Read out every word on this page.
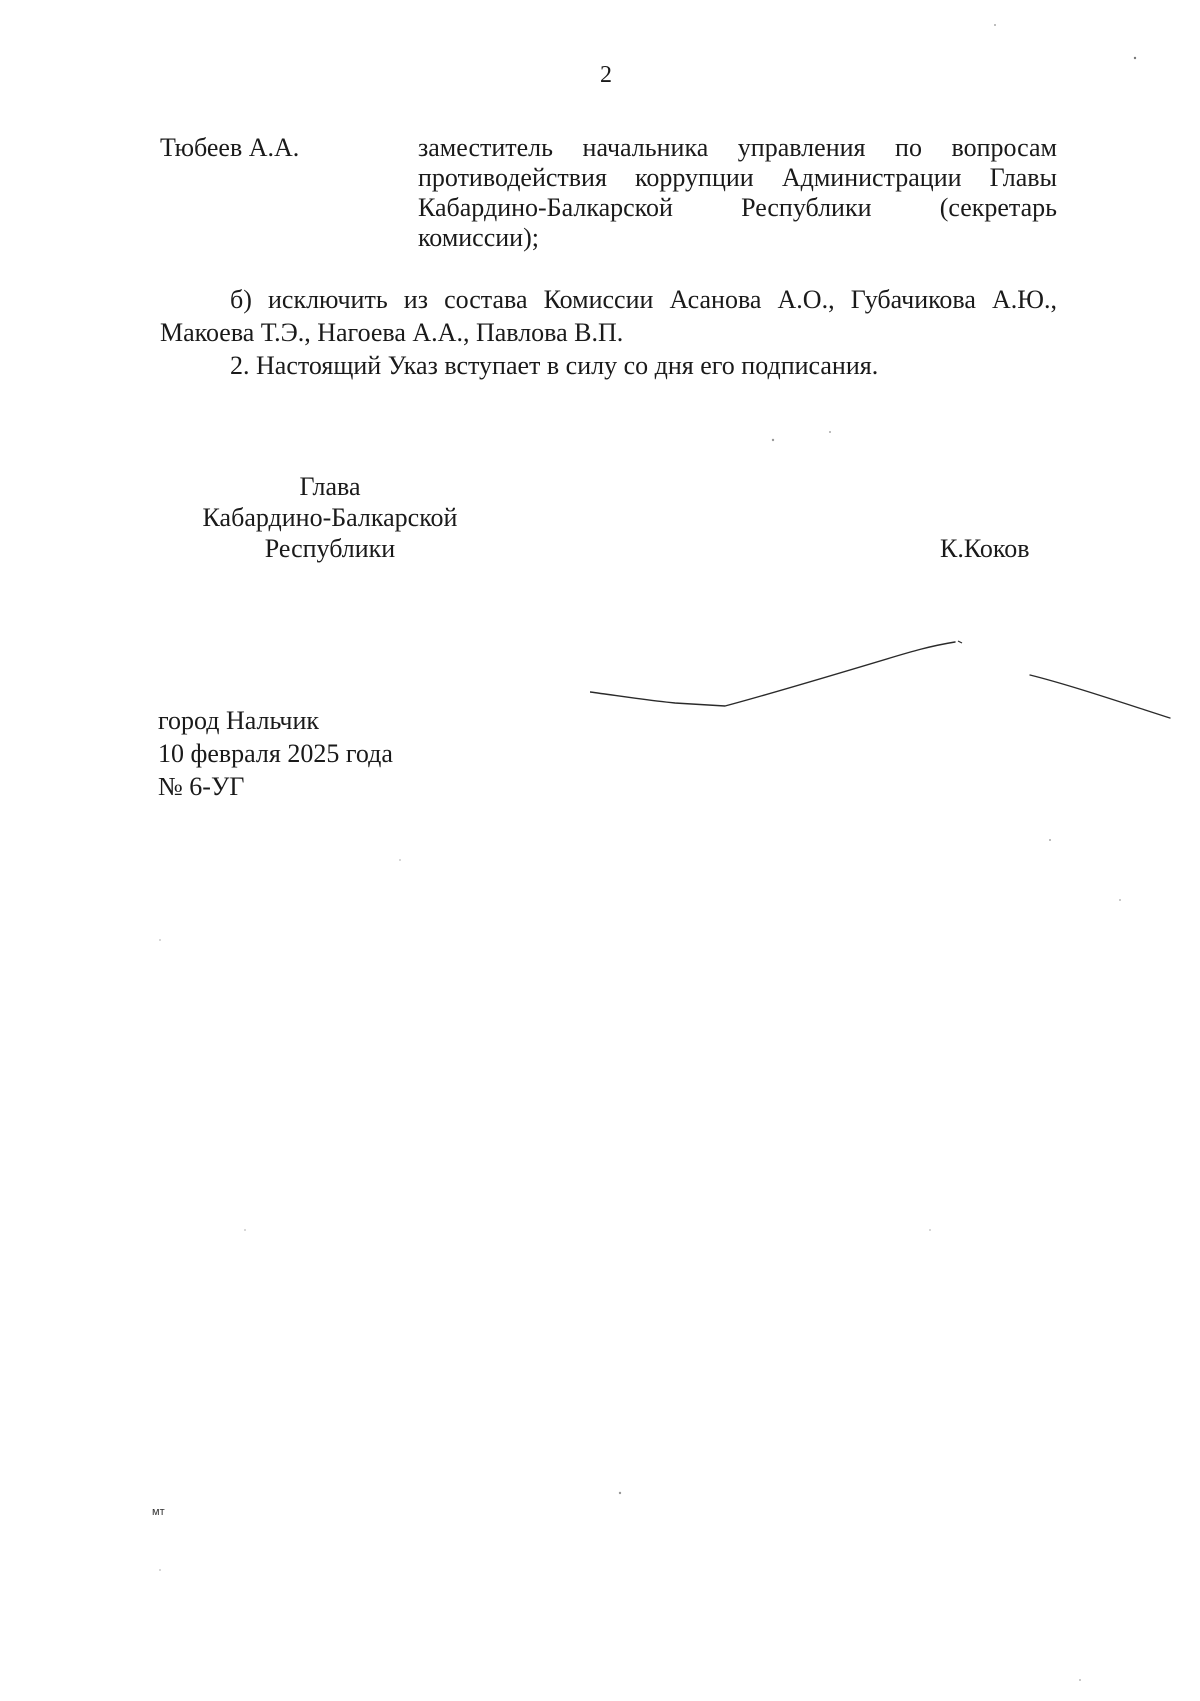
2
Тюбеев А.А.	заместитель начальника управления по вопросам противодействия коррупции Администрации Главы Кабардино-Балкарской Республики (секретарь комиссии);
б) исключить из состава Комиссии Асанова А.О., Губачикова А.Ю., Макоева Т.Э., Нагоева А.А., Павлова В.П.
2. Настоящий Указ вступает в силу со дня его подписания.
Глава
Кабардино-Балкарской
Республики	К.Коков
город Нальчик
10 февраля 2025 года
№ 6-УГ
мт
